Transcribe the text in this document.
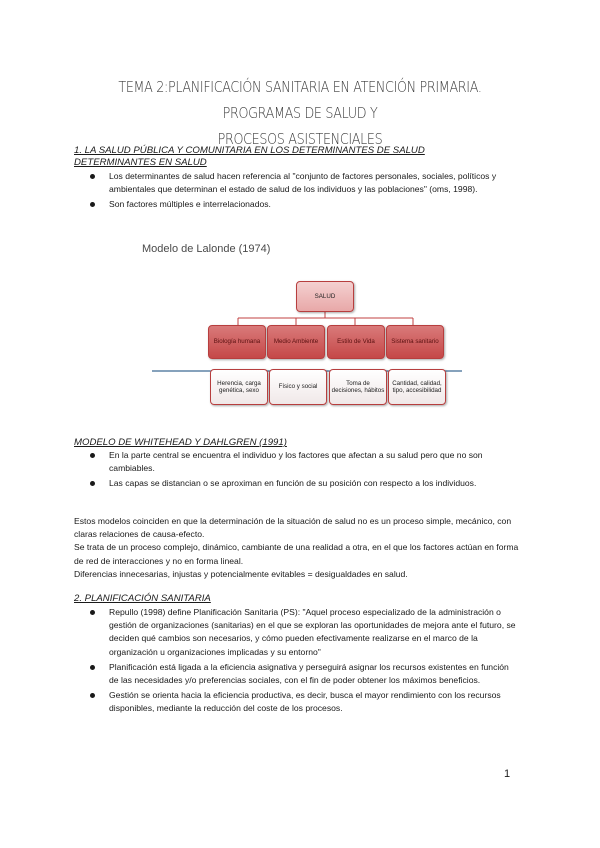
TEMA 2:PLANIFICACIÓN SANITARIA EN ATENCIÓN PRIMARIA. PROGRAMAS DE SALUD Y
PROCESOS ASISTENCIALES
1. LA SALUD PÚBLICA Y COMUNITARIA EN LOS DETERMINANTES DE SALUD
DETERMINANTES EN SALUD
Los determinantes de salud hacen referencia al "conjunto de factores personales, sociales, políticos y ambientales que determinan el estado de salud de los individuos y las poblaciones" (oms, 1998).
Son factores múltiples e interrelacionados.
Modelo de Lalonde (1974)
SALUD
Biología humana	Medio Ambiente	Estilo de Vida	Sistema sanitario
Herencia, carga genética, sexo
Físico y social
Toma de decisiones, hábitos
Cantidad, calidad, tipo, accesibilidad
MODELO DE WHITEHEAD Y DAHLGREN (1991)
En la parte central se encuentra el individuo y los factores que afectan a su salud pero que no son cambiables.
Las capas se distancian o se aproximan en función de su posición con respecto a los individuos.

Estos modelos coinciden en que la determinación de la situación de salud no es un proceso simple, mecánico, con claras relaciones de causa-efecto.

Se trata de un proceso complejo, dinámico, cambiante de una realidad a otra, en el que los factores actúan en forma de red de interacciones y no en forma lineal.

Diferencias innecesarias, injustas y potencialmente evitables = desigualdades en salud.

2. PLANIFICACIÓN SANITARIA
Repullo (1998) define Planificación Sanitaria (PS): "Aquel proceso especializado de la administración o gestión de organizaciones (sanitarias) en el que se exploran las oportunidades de mejora ante el futuro, se deciden qué cambios son necesarios, y cómo pueden efectivamente realizarse en el marco de la organización u organizaciones implicadas y su entorno"
Planificación está ligada a la eficiencia asignativa y perseguirá asignar los recursos existentes en función de las necesidades y/o preferencias sociales, con el fin de poder obtener los máximos beneficios.
Gestión se orienta hacia la eficiencia productiva, es decir, busca el mayor rendimiento con los recursos disponibles, mediante la reducción del coste de los procesos.
1
